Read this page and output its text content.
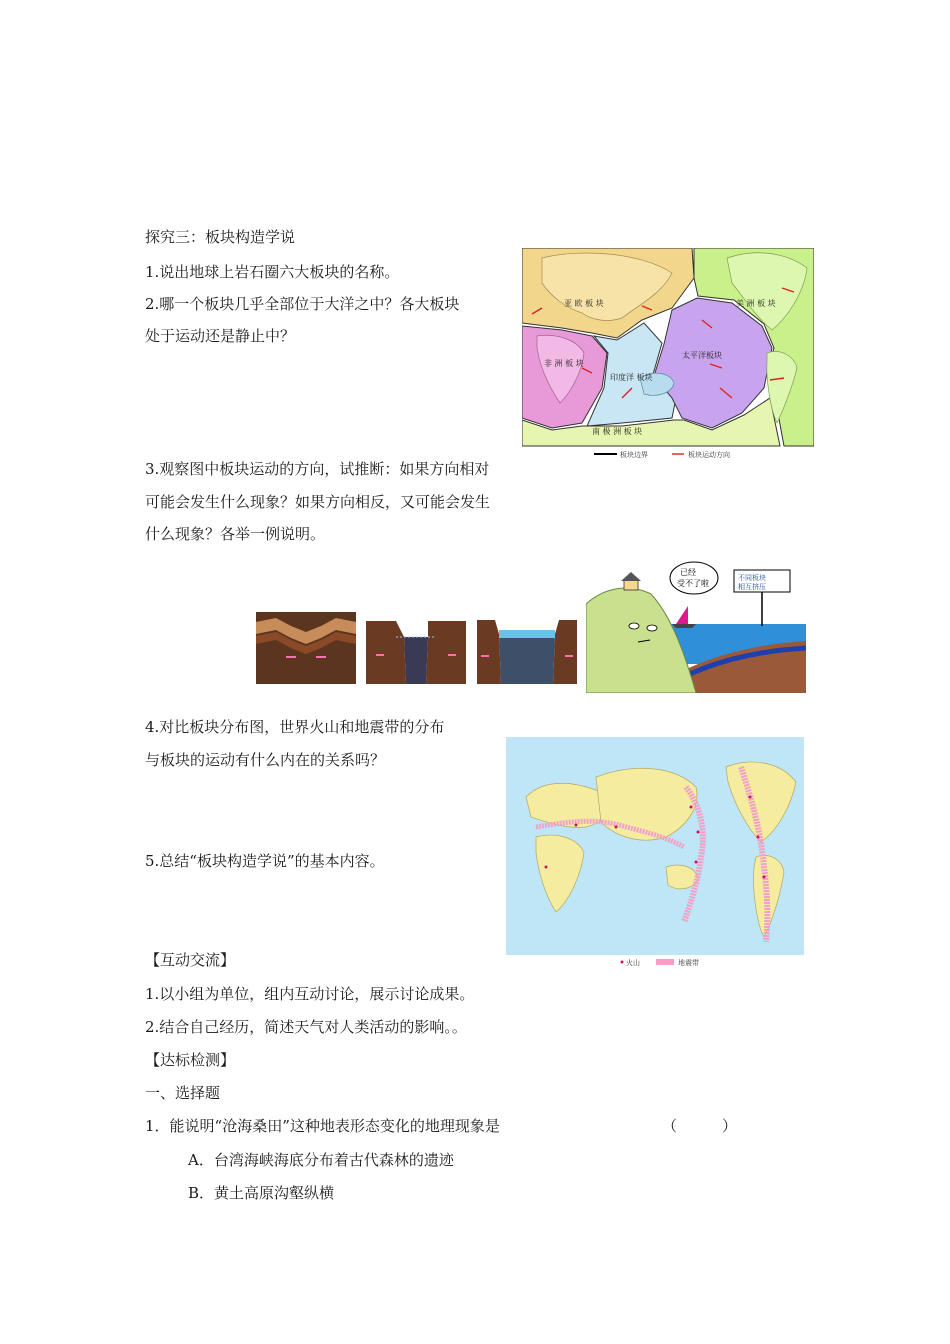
探究三：板块构造学说
1.说出地球上岩石圈六大板块的名称。
2.哪一个板块几乎全部位于大洋之中？各大板块
处于运动还是静止中？
亚 欧 板 块
非 洲 板 块
印度洋 板块
太平洋板块
美 洲 板 块
南 极 洲 板 块
板块边界	板块运动方向
3.观察图中板块运动的方向，试推断：如果方向相对
可能会发生什么现象？如果方向相反，又可能会发生
什么现象？各举一例说明。
已经
受不了啦
不同板块
相互挤压
4.对比板块分布图，世界火山和地震带的分布
与板块的运动有什么内在的关系吗？
5.总结“板块构造学说”的基本内容。
火山	地震带
【互动交流】
1.以小组为单位，组内互动讨论，展示讨论成果。
2.结合自己经历，简述天气对人类活动的影响。。
【达标检测】
一、选择题
1．能说明“沧海桑田”这种地表形态变化的地理现象是	（　　　）
A．台湾海峡海底分布着古代森林的遗迹
B．黄土高原沟壑纵横
